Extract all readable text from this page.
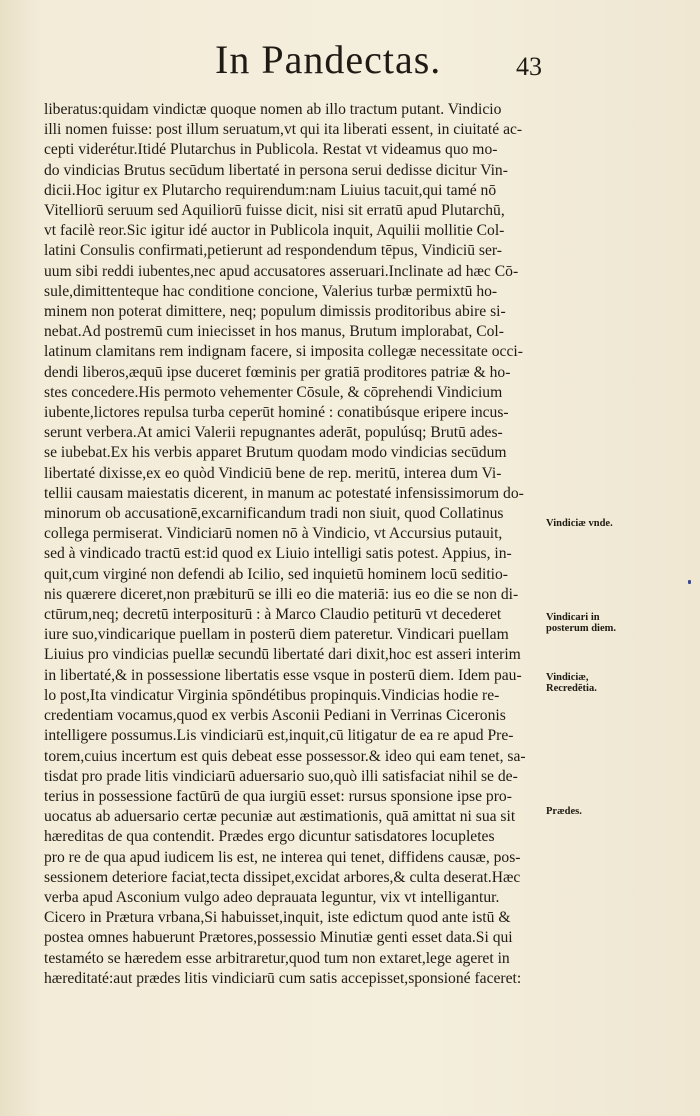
In Pandectas.	43
liberatus:quidam vindictæ quoque nomen ab illo tractum putant. Vindicio
illi nomen fuisse: post illum seruatum,vt qui ita liberati essent, in ciuitaté ac-
cepti viderétur.Itidé Plutarchus in Publicola. Restat vt videamus quo mo-
do vindicias Brutus secūdum libertaté in persona serui dedisse dicitur Vin-
dicii.Hoc igitur ex Plutarcho requirendum:nam Liuius tacuit,qui tamé nō
Vitelliorū seruum sed Aquiliorū fuisse dicit, nisi sit erratū apud Plutarchū,
vt facilè reor.Sic igitur idé auctor in Publicola inquit, Aquilii mollitie Col-
latini Consulis confirmati,petierunt ad respondendum tēpus, Vindiciū ser-
uum sibi reddi iubentes,nec apud accusatores asseruari.Inclinate ad hæc Cō-
sule,dimittenteque hac conditione concione, Valerius turbæ permixtū ho-
minem non poterat dimittere, neq; populum dimissis proditoribus abire si-
nebat.Ad postremū cum iniecisset in hos manus, Brutum implorabat, Col-
latinum clamitans rem indignam facere, si imposita collegæ necessitate occi-
dendi liberos,æquū ipse duceret fœminis per gratiā proditores patriæ & ho-
stes concedere.His permoto vehementer Cōsule, & cōprehendi Vindicium
iubente,lictores repulsa turba ceperūt hominé : conatibúsque eripere incus-
serunt verbera.At amici Valerii repugnantes aderāt, populúsq; Brutū ades-
se iubebat.Ex his verbis apparet Brutum quodam modo vindicias secūdum
libertaté dixisse,ex eo quòd Vindiciū bene de rep. meritū, interea dum Vi-
tellii causam maiestatis dicerent, in manum ac potestaté infensissimorum do-
minorum ob accusationē,excarnificandum tradi non siuit, quod Collatinus
collega permiserat. Vindiciarū nomen nō à Vindicio, vt Accursius putauit,
sed à vindicado tractū est:id quod ex Liuio intelligi satis potest. Appius, in-
quit,cum virginé non defendi ab Icilio, sed inquietū hominem locū seditio-
nis quærere diceret,non præbiturū se illi eo die materiā: ius eo die se non di-
ctūrum,neq; decretū interpositurū : à Marco Claudio petiturū vt decederet
iure suo,vindicarique puellam in posterū diem pateretur. Vindicari puellam
Liuius pro vindicias puellæ secundū libertaté dari dixit,hoc est asseri interim
in libertaté,& in possessione libertatis esse vsque in posterū diem. Idem pau-
lo post,Ita vindicatur Virginia spōndétibus propinquis.Vindicias hodie re-
credentiam vocamus,quod ex verbis Asconii Pediani in Verrinas Ciceronis
intelligere possumus.Lis vindiciarū est,inquit,cū litigatur de ea re apud Pre-
torem,cuius incertum est quis debeat esse possessor.& ideo qui eam tenet, sa-
tisdat pro prade litis vindiciarū aduersario suo,quò illi satisfaciat nihil se de-
terius in possessione factūrū de qua iurgiū esset: rursus sponsione ipse pro-
uocatus ab aduersario certæ pecuniæ aut æstimationis, quā amittat ni sua sit
hæreditas de qua contendit. Prædes ergo dicuntur satisdatores locupletes
pro re de qua apud iudicem lis est, ne interea qui tenet, diffidens causæ, pos-
sessionem deteriore faciat,tecta dissipet,excidat arbores,& culta deserat.Hæc
verba apud Asconium vulgo adeo deprauata leguntur, vix vt intelligantur.
Cicero in Prætura vrbana,Si habuisset,inquit, iste edictum quod ante istū &
postea omnes habuerunt Prætores,possessio Minutiæ genti esset data.Si qui
testaméto se hæredem esse arbitraretur,quod tum non extaret,lege ageret in
hæreditaté:aut prædes litis vindiciarū cum satis accepisset,sponsioné faceret:
Vindiciæ vnde.
Vindicari in posterum diem.
Vindiciæ, Recredētia.
Prædes.
